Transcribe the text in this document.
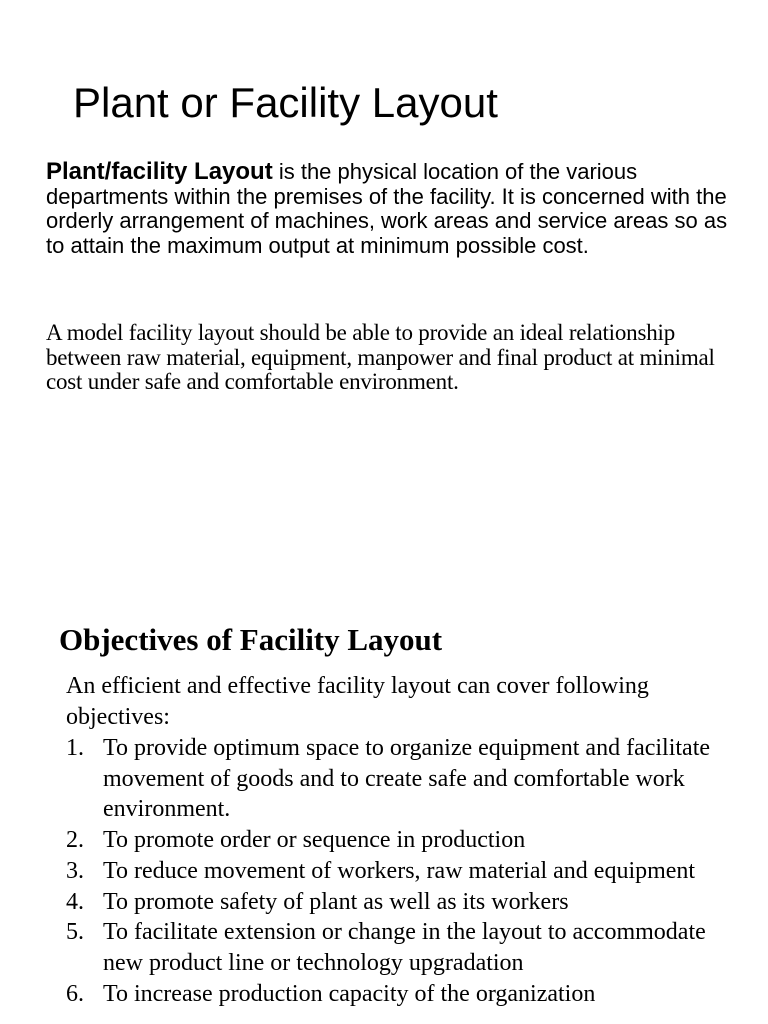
Plant or Facility Layout

Plant/facility Layout is the physical location of the various departments within the premises of the facility. It is concerned with the orderly arrangement of machines, work areas and service areas so as to attain the maximum output at minimum possible cost.

A model facility layout should be able to provide an ideal relationship between raw material, equipment, manpower and final product at minimal cost under safe and comfortable environment.

Objectives of Facility Layout

An efficient and effective facility layout can cover following objectives:

1. To provide optimum space to organize equipment and facilitate movement of goods and to create safe and comfortable work environment.
2. To promote order or sequence in production
3. To reduce movement of workers, raw material and equipment
4. To promote safety of plant as well as its workers
5. To facilitate extension or change in the layout to accommodate new product line or technology upgradation
6. To increase production capacity of the organization
